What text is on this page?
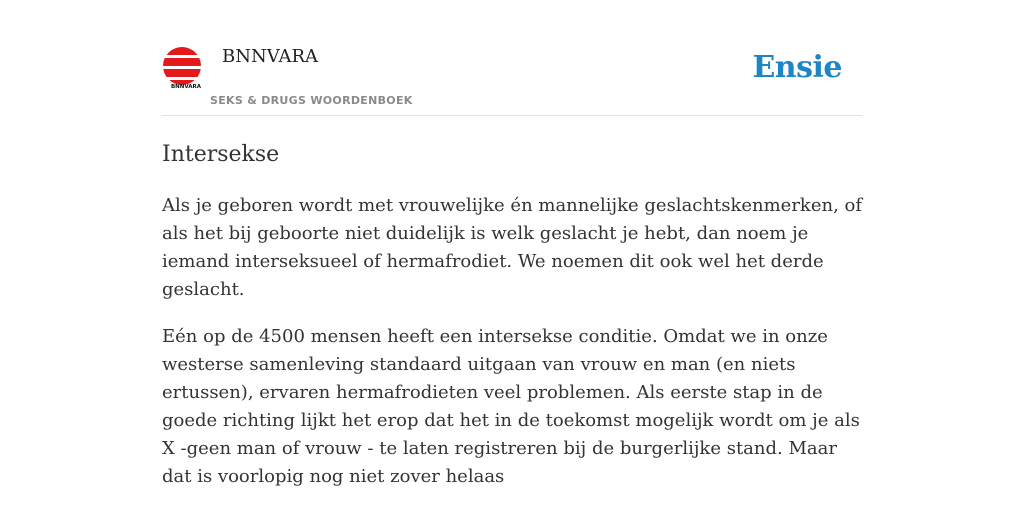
BNNVARA
BNNVARA
SEKS & DRUGS WOORDENBOEK
Ensie
Intersekse

Als je geboren wordt met vrouwelijke én mannelijke geslachtskenmerken, of als het bij geboorte niet duidelijk is welk geslacht je hebt, dan noem je iemand interseksueel of hermafrodiet. We noemen dit ook wel het derde geslacht.

Eén op de 4500 mensen heeft een intersekse conditie. Omdat we in onze westerse samenleving standaard uitgaan van vrouw en man (en niets ertussen), ervaren hermafrodieten veel problemen. Als eerste stap in de goede richting lijkt het erop dat het in de toekomst mogelijk wordt om je als X -geen man of vrouw - te laten registreren bij de burgerlijke stand. Maar dat is voorlopig nog niet zover helaas
